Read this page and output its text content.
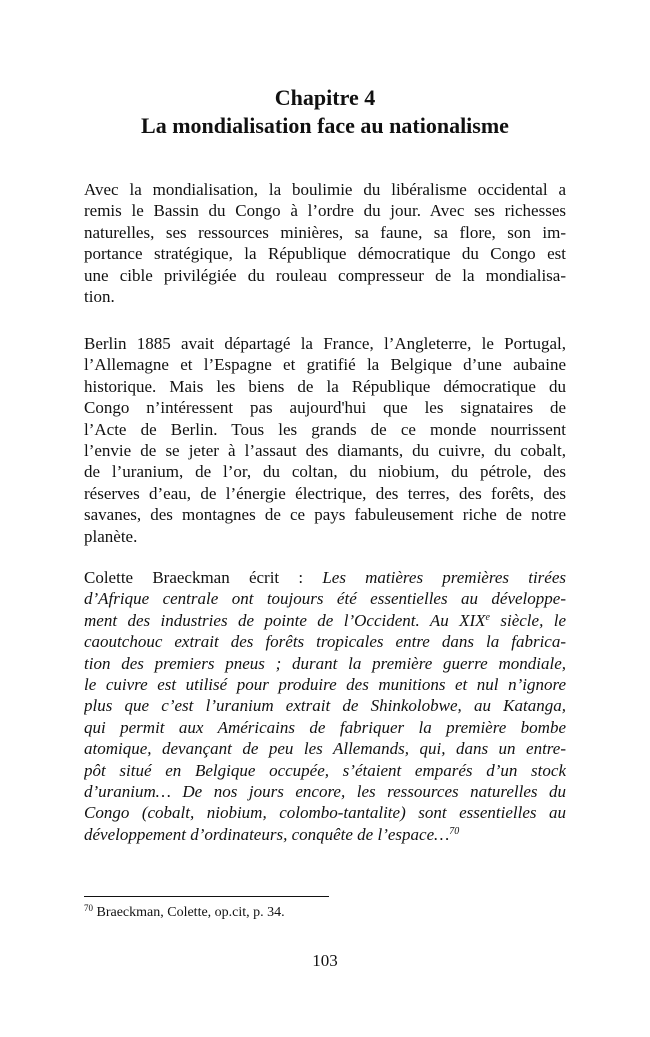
Chapitre 4
La mondialisation face au nationalisme
Avec la mondialisation, la boulimie du libéralisme occidental a
remis le Bassin du Congo à l’ordre du jour. Avec ses richesses
naturelles, ses ressources minières, sa faune, sa flore, son im-
portance stratégique, la République démocratique du Congo est
une cible privilégiée du rouleau compresseur de la mondialisa-
tion.
Berlin 1885 avait départagé la France, l’Angleterre, le Portugal,
l’Allemagne et l’Espagne et gratifié la Belgique d’une aubaine
historique. Mais les biens de la République démocratique du
Congo n’intéressent pas aujourd'hui que les signataires de
l’Acte de Berlin. Tous les grands de ce monde nourrissent
l’envie de se jeter à l’assaut des diamants, du cuivre, du cobalt,
de l’uranium, de l’or, du coltan, du niobium, du pétrole, des
réserves d’eau, de l’énergie électrique, des terres, des forêts, des
savanes, des montagnes de ce pays fabuleusement riche de notre
planète.
Colette Braeckman écrit : Les matières premières tirées
d’Afrique centrale ont toujours été essentielles au développe-
ment des industries de pointe de l’Occident. Au XIXe siècle, le
caoutchouc extrait des forêts tropicales entre dans la fabrica-
tion des premiers pneus ; durant la première guerre mondiale,
le cuivre est utilisé pour produire des munitions et nul n’ignore
plus que c’est l’uranium extrait de Shinkolobwe, au Katanga,
qui permit aux Américains de fabriquer la première bombe
atomique, devançant de peu les Allemands, qui, dans un entre-
pôt situé en Belgique occupée, s’étaient emparés d’un stock
d’uranium… De nos jours encore, les ressources naturelles du
Congo (cobalt, niobium, colombo-tantalite) sont essentielles au
développement d’ordinateurs, conquête de l’espace…$^{70}$
$^{70}$ Braeckman, Colette, op.cit, p. 34.
103
